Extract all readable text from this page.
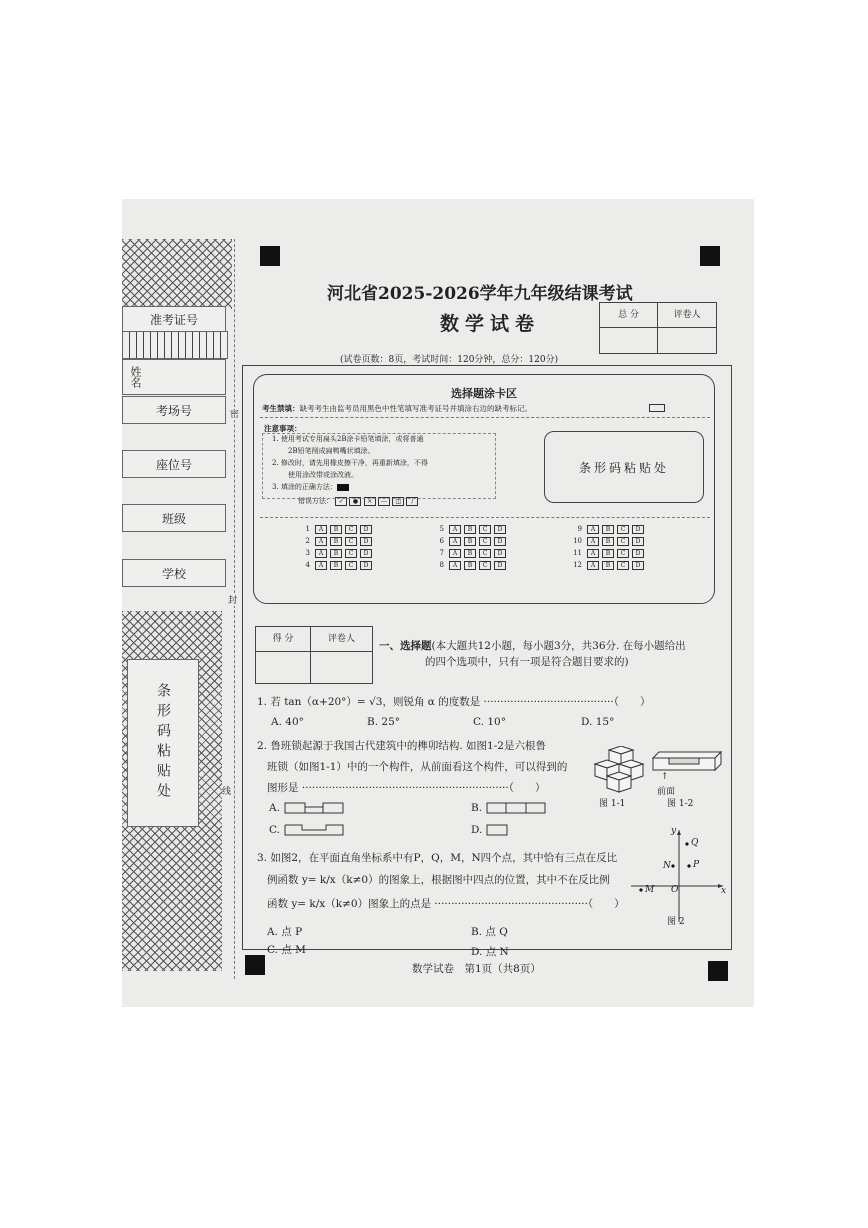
准考证号
姓名
考场号
座位号
班级
学校
条形码粘贴处
密
封
线
河北省2025-2026学年九年级结课考试
数学试卷	总 分	评卷人
(试卷页数：8页，考试时间：120分钟，总分：120分)
选择题涂卡区
考生禁填：缺考考生由监考员用黑色中性笔填写准考证号并填涂右边的缺考标记。
注意事项：
1. 使用考试专用扁头2B涂卡铅笔填涂，或将普通
2B铅笔削成扁鸭嘴状填涂。
2. 修改时，请先用橡皮擦干净，再重新填涂，不得
使用涂改带或涂改液。
3. 填涂的正确方法：
错误方法： ✓ ● × — ◫ /
条形码粘贴处
1	A	B	C	D
2	A	B	C	D
3	A	B	C	D
4	A	B	C	D
5	A	B	C	D
6	A	B	C	D
7	A	B	C	D
8	A	B	C	D
9	A	B	C	D
10	A	B	C	D
11	A	B	C	D
12	A	B	C	D
得 分	评卷人
一、选择题(本大题共12小题，每小题3分，共36分. 在每小题给出
的四个选项中，只有一项是符合题目要求的)
1. 若 tan（α+20°）= √3，则锐角 α 的度数是 ·······································（　　）
A. 40°	B. 25°	C. 10°	D. 15°
2. 鲁班锁起源于我国古代建筑中的榫卯结构. 如图1-2是六根鲁
班锁（如图1-1）中的一个构件，从前面看这个构件，可以得到的
图形是 ······························································（　　）
图 1-1
↑
前面
图 1-2
A.	B.
C.	D.
3. 如图2，在平面直角坐标系中有P，Q，M，N四个点，其中恰有三点在反比
例函数 y= k/x（k≠0）的图象上，根据图中四点的位置，其中不在反比例
函数 y= k/x（k≠0）图象上的点是 ··············································（　　）
A. 点 P	B. 点 Q
C. 点 M	D. 点 N
Q
N P
M
y
x
O
图 2
数学试卷　第1页（共8页）
